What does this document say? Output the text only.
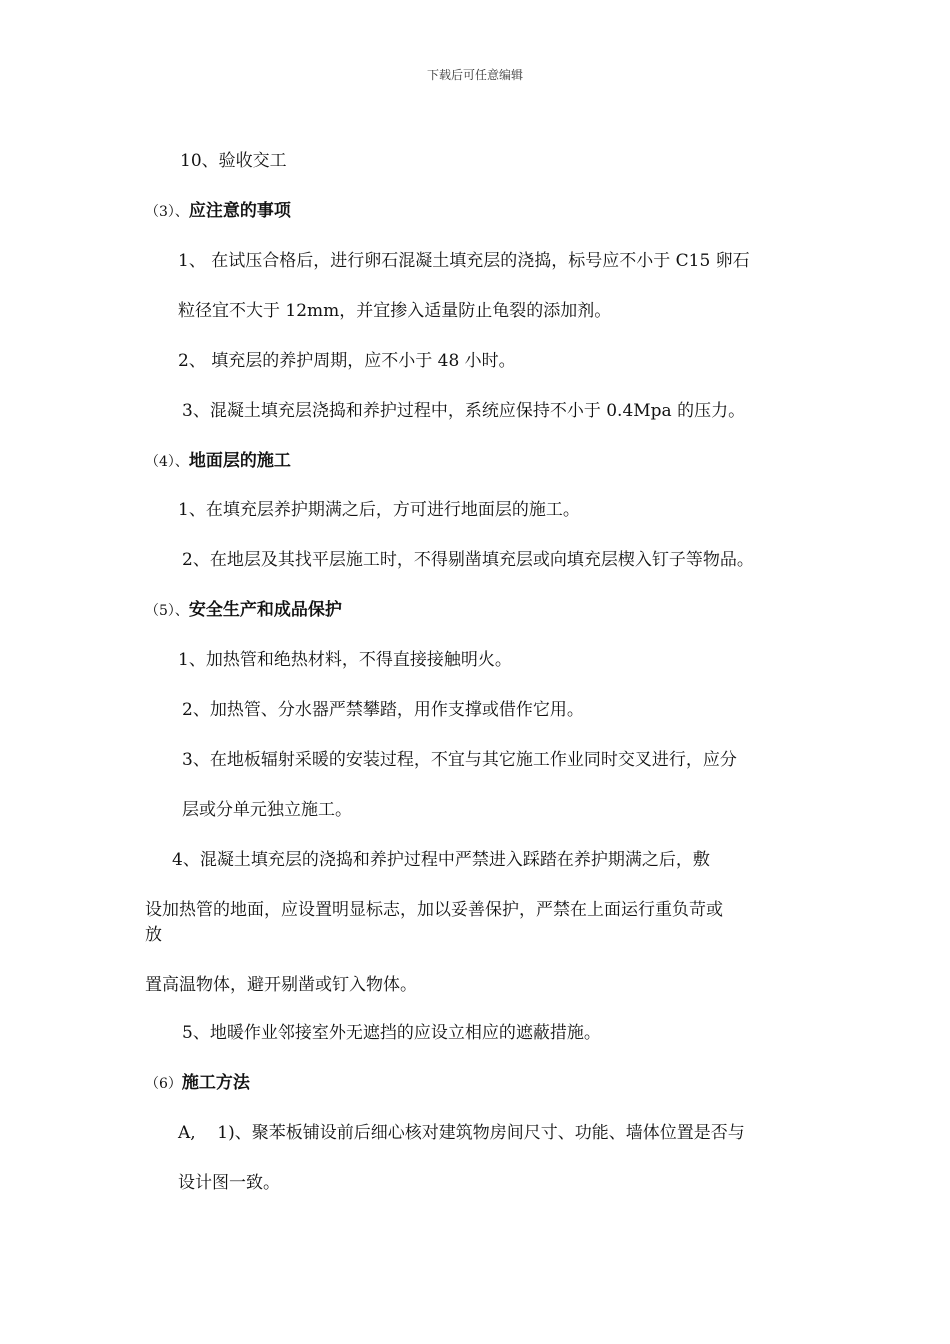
下载后可任意编辑
10、验收交工
（3）、应注意的事项
1、 在试压合格后，进行卵石混凝土填充层的浇捣，标号应不小于 C15 卵石
粒径宜不大于 12mm，并宜掺入适量防止龟裂的添加剂。
2、 填充层的养护周期，应不小于 48 小时。
3、混凝土填充层浇捣和养护过程中，系统应保持不小于 0.4Mpa 的压力。
（4）、地面层的施工
1、在填充层养护期满之后，方可进行地面层的施工。
2、在地层及其找平层施工时，不得剔凿填充层或向填充层楔入钉子等物品。
（5）、安全生产和成品保护
1、加热管和绝热材料，不得直接接触明火。
2、加热管、分水器严禁攀踏，用作支撑或借作它用。
3、在地板辐射采暖的安装过程，不宜与其它施工作业同时交叉进行，应分
层或分单元独立施工。
4、混凝土填充层的浇捣和养护过程中严禁进入踩踏在养护期满之后，敷
设加热管的地面，应设置明显标志，加以妥善保护，严禁在上面运行重负苛或
放
置高温物体，避开剔凿或钉入物体。
5、地暖作业邻接室外无遮挡的应设立相应的遮蔽措施。
（6）施工方法
A,    1)、聚苯板铺设前后细心核对建筑物房间尺寸、功能、墙体位置是否与
设计图一致。
